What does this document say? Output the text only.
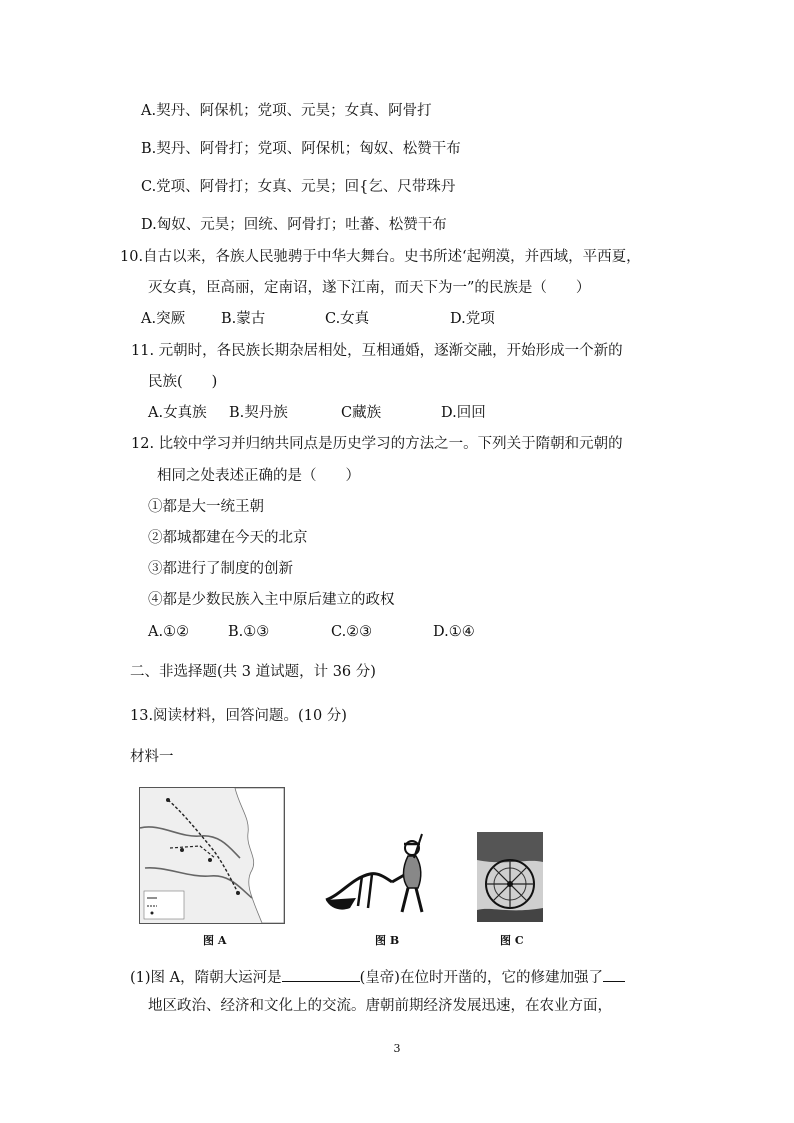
A.契丹、阿保机；党项、元昊；女真、阿骨打
B.契丹、阿骨打；党项、阿保机；匈奴、松赞干布
C.党项、阿骨打；女真、元昊；回{乞、尺带珠丹
D.匈奴、元昊；回统、阿骨打；吐蕃、松赞干布
10.自古以来，各族人民驰骋于中华大舞台。史书所述‘起朔漠，并西域，平西夏，
灭女真，臣高丽，定南诏，遂下江南，而天下为一”的民族是（　　）
A.突厥 B.蒙古	C.女真	D.党项
11. 元朝时，各民族长期杂居相处，互相通婚，逐渐交融，开始形成一个新的
民族(　　)
A.女真族 B.契丹族	C藏族	D.回回
12. 比较中学习并归纳共同点是历史学习的方法之一。下列关于隋朝和元朝的
相同之处表述正确的是（　　）
①都是大一统王朝
②都城都建在今天的北京
③都进行了制度的创新
④都是少数民族入主中原后建立的政权
A.①②	B.①③	C.②③	D.①④
二、非选择题(共 3 道试题，计 36 分)
13.阅读材料，回答问题。(10 分)
材料一
图 A	图 B	图 C
(1)图 A，隋朝大运河是	(皇帝)在位时开凿的，它的修建加强了
地区政治、经济和文化上的交流。唐朝前期经济发展迅速，在农业方面，
3
